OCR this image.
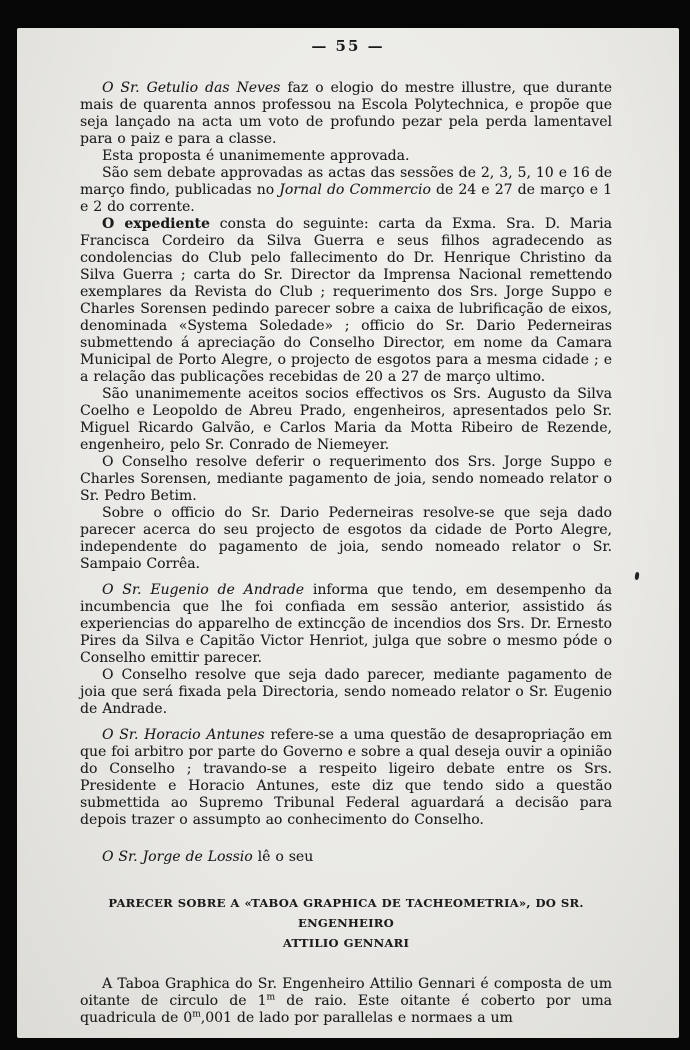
— 55 —

O Sr. Getulio das Neves faz o elogio do mestre illustre, que durante mais de quarenta annos professou na Escola Polytechnica, e propõe que seja lançado na acta um voto de profundo pezar pela perda lamentavel para o paiz e para a classe.

Esta proposta é unanimemente approvada.

São sem debate approvadas as actas das sessões de 2, 3, 5, 10 e 16 de março findo, publicadas no Jornal do Commercio de 24 e 27 de março e 1 e 2 do corrente.

O expediente consta do seguinte: carta da Exma. Sra. D. Maria Francisca Cordeiro da Silva Guerra e seus filhos agradecendo as condolencias do Club pelo fallecimento do Dr. Henrique Christino da Silva Guerra ; carta do Sr. Director da Imprensa Nacional remettendo exemplares da Revista do Club ; requerimento dos Srs. Jorge Suppo e Charles Sorensen pedindo parecer sobre a caixa de lubrificação de eixos, denominada «Systema Soledade» ; officio do Sr. Dario Pederneiras submettendo á apreciação do Conselho Director, em nome da Camara Municipal de Porto Alegre, o projecto de esgotos para a mesma cidade ; e a relação das publicações recebidas de 20 a 27 de março ultimo.

São unanimemente aceitos socios effectivos os Srs. Augusto da Silva Coelho e Leopoldo de Abreu Prado, engenheiros, apresentados pelo Sr. Miguel Ricardo Galvão, e Carlos Maria da Motta Ribeiro de Rezende, engenheiro, pelo Sr. Conrado de Niemeyer.

O Conselho resolve deferir o requerimento dos Srs. Jorge Suppo e Charles Sorensen, mediante pagamento de joia, sendo nomeado relator o Sr. Pedro Betim.

Sobre o officio do Sr. Dario Pederneiras resolve-se que seja dado parecer acerca do seu projecto de esgotos da cidade de Porto Alegre, independente do pagamento de joia, sendo nomeado relator o Sr. Sampaio Corrêa.

O Sr. Eugenio de Andrade informa que tendo, em desempenho da incumbencia que lhe foi confiada em sessão anterior, assistido ás experiencias do apparelho de extincção de incendios dos Srs. Dr. Ernesto Pires da Silva e Capitão Victor Henriot, julga que sobre o mesmo póde o Conselho emittir parecer.

O Conselho resolve que seja dado parecer, mediante pagamento de joia que será fixada pela Directoria, sendo nomeado relator o Sr. Eugenio de Andrade.

O Sr. Horacio Antunes refere-se a uma questão de desapropriação em que foi arbitro por parte do Governo e sobre a qual deseja ouvir a opinião do Conselho ; travando-se a respeito ligeiro debate entre os Srs. Presidente e Horacio Antunes, este diz que tendo sido a questão submettida ao Supremo Tribunal Federal aguardará a decisão para depois trazer o assumpto ao conhecimento do Conselho.

O Sr. Jorge de Lossio lê o seu

PARECER SOBRE A «TABOA GRAPHICA DE TACHEOMETRIA», DO SR. ENGENHEIRO
ATTILIO GENNARI

A Taboa Graphica do Sr. Engenheiro Attilio Gennari é composta de um oitante de circulo de 1$^m$ de raio. Este oitante é coberto por uma quadricula de 0$^m$,001 de lado por parallelas e normaes a um
